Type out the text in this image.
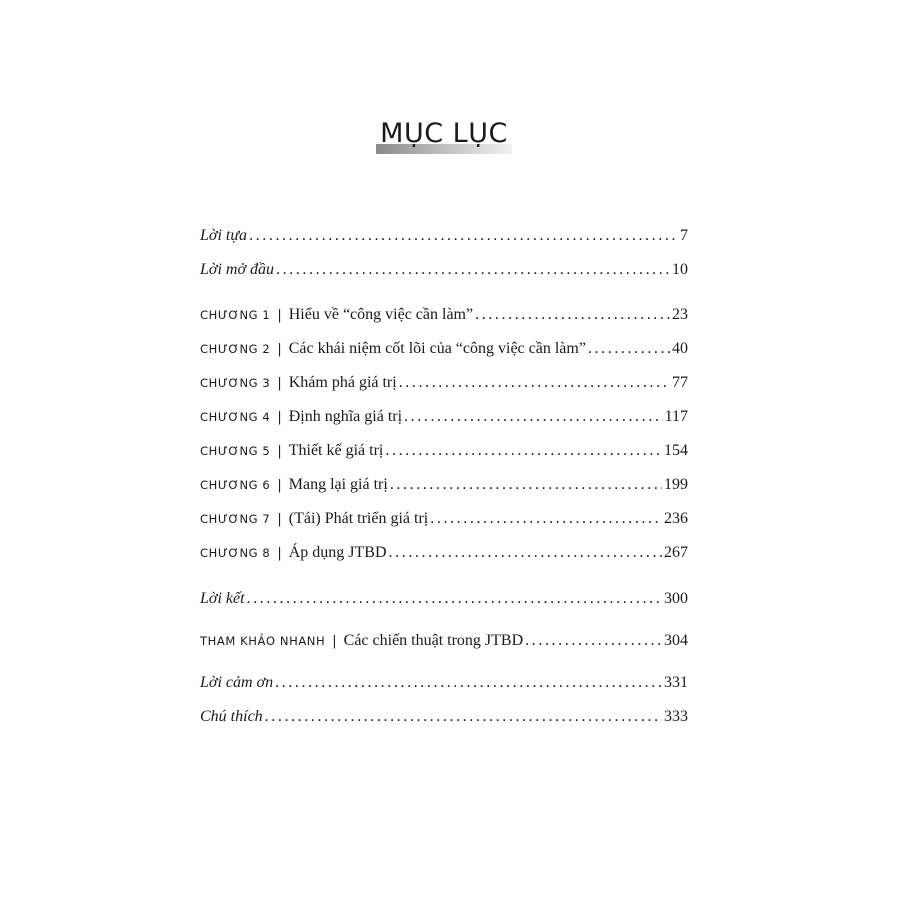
MỤC LỤC
Lời tựa .....	7
Lời mở đầu .....	10
CHƯƠNG 1 | Hiểu về “công việc cần làm” .....	23
CHƯƠNG 2 | Các khái niệm cốt lõi của “công việc cần làm” .....	40
CHƯƠNG 3 | Khám phá giá trị .....	77
CHƯƠNG 4 | Định nghĩa giá trị .....	117
CHƯƠNG 5 | Thiết kế giá trị .....	154
CHƯƠNG 6 | Mang lại giá trị .....	199
CHƯƠNG 7 | (Tái) Phát triển giá trị .....	236
CHƯƠNG 8 | Áp dụng JTBD .....	267
Lời kết .....	300
THAM KHẢO NHANH | Các chiến thuật trong JTBD .....	304
Lời cảm ơn .....	331
Chú thích .....	333
